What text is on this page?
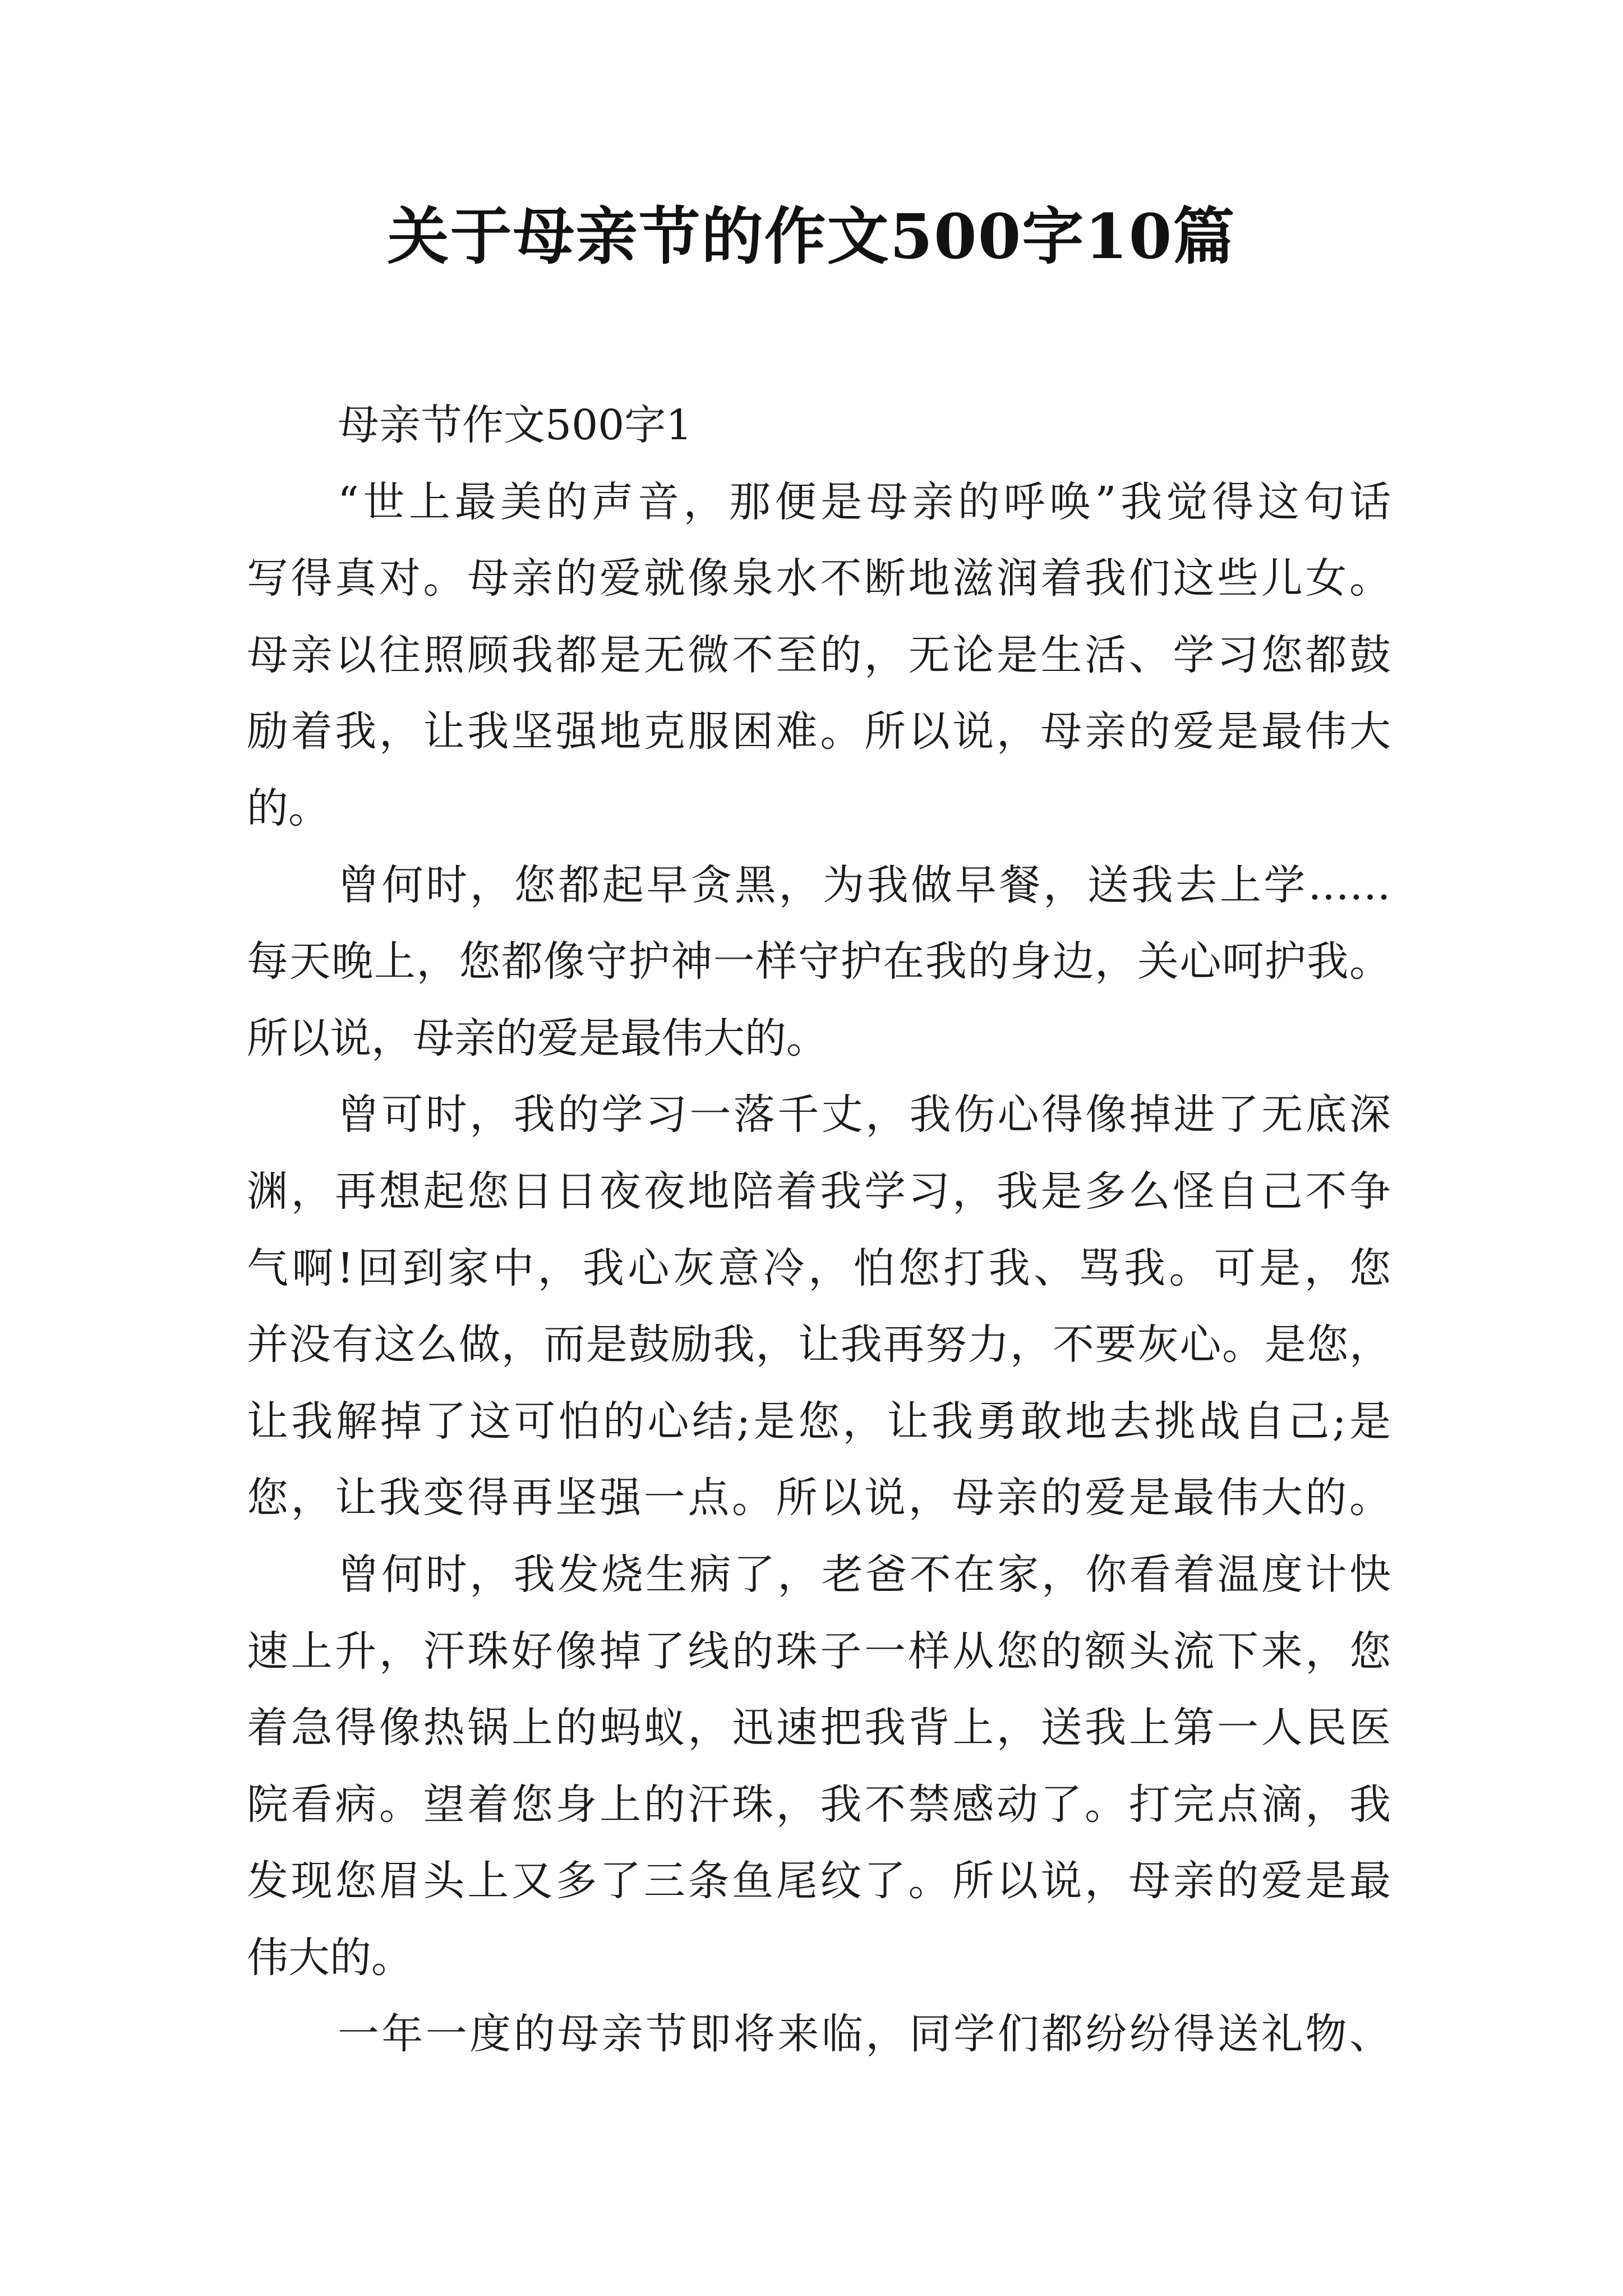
关于母亲节的作文500字10篇
母亲节作文500字1
“世上最美的声音，那便是母亲的呼唤”我觉得这句话
写得真对。母亲的爱就像泉水不断地滋润着我们这些儿女。
母亲以往照顾我都是无微不至的，无论是生活、学习您都鼓
励着我，让我坚强地克服困难。所以说，母亲的爱是最伟大
的。
曾何时，您都起早贪黑，为我做早餐，送我去上学……
每天晚上，您都像守护神一样守护在我的身边，关心呵护我。
所以说，母亲的爱是最伟大的。
曾可时，我的学习一落千丈，我伤心得像掉进了无底深
渊，再想起您日日夜夜地陪着我学习，我是多么怪自己不争
气啊!回到家中，我心灰意冷，怕您打我、骂我。可是，您
并没有这么做，而是鼓励我，让我再努力，不要灰心。是您，
让我解掉了这可怕的心结;是您，让我勇敢地去挑战自己;是
您，让我变得再坚强一点。所以说，母亲的爱是最伟大的。
曾何时，我发烧生病了，老爸不在家，你看着温度计快
速上升，汗珠好像掉了线的珠子一样从您的额头流下来，您
着急得像热锅上的蚂蚁，迅速把我背上，送我上第一人民医
院看病。望着您身上的汗珠，我不禁感动了。打完点滴，我
发现您眉头上又多了三条鱼尾纹了。所以说，母亲的爱是最
伟大的。
一年一度的母亲节即将来临，同学们都纷纷得送礼物、
